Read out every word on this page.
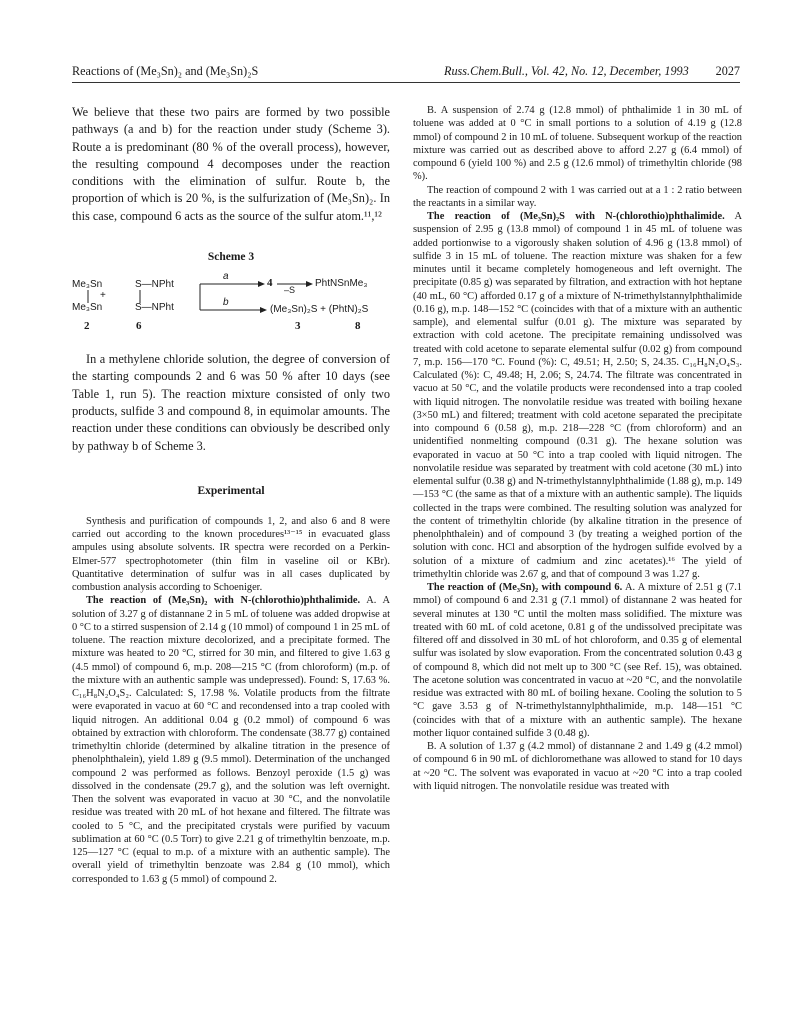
Reactions of (Me₃Sn)₂ and (Me₃Sn)₂S	Russ.Chem.Bull., Vol. 42, No. 12, December, 1993 2027

We believe that these two pairs are formed by two possible pathways (a and b) for the reaction under study (Scheme 3). Route a is predominant (80 % of the overall process), however, the resulting compound 4 decomposes under the reaction conditions with the elimination of sulfur. Route b, the proportion of which is 20 %, is the sulfurization of (Me₃Sn)₂. In this case, compound 6 acts as the source of the sulfur atom.¹¹,¹²

Scheme 3
Me₃Sn
Me₃Sn
S—NPht
S—NPht
+
a
b
4
–S
PhtNSnMe₃
(Me₃Sn)₂S + (PhtN)₂S
2	6	3	8

In a methylene chloride solution, the degree of conversion of the starting compounds 2 and 6 was 50 % after 10 days (see Table 1, run 5). The reaction mixture consisted of only two products, sulfide 3 and compound 8, in equimolar amounts. The reaction under these conditions can obviously be described only by pathway b of Scheme 3.

Experimental

Synthesis and purification of compounds 1, 2, and also 6 and 8 were carried out according to the known procedures¹³⁻¹⁵ in evacuated glass ampules using absolute solvents. IR spectra were recorded on a Perkin-Elmer-577 spectrophotometer (thin film in vaseline oil or KBr). Quantitative determination of sulfur was in all cases duplicated by combustion analysis according to Schoeniger.

The reaction of (Me₃Sn)₂ with N-(chlorothio)phthalimide. A. A solution of 3.27 g of distannane 2 in 5 mL of toluene was added dropwise at 0 °C to a stirred suspension of 2.14 g (10 mmol) of compound 1 in 25 mL of toluene. The reaction mixture decolorized, and a precipitate formed. The mixture was heated to 20 °C, stirred for 30 min, and filtered to give 1.63 g (4.5 mmol) of compound 6, m.p. 208—215 °C (from chloroform) (m.p. of the mixture with an authentic sample was undepressed). Found: S, 17.63 %. C₁₆H₈N₂O₄S₂. Calculated: S, 17.98 %. Volatile products from the filtrate were evaporated in vacuo at 60 °C and recondensed into a trap cooled with liquid nitrogen. An additional 0.04 g (0.2 mmol) of compound 6 was obtained by extraction with chloroform. The condensate (38.77 g) contained trimethyltin chloride (determined by alkaline titration in the presence of phenolphthalein), yield 1.89 g (9.5 mmol). Determination of the unchanged compound 2 was performed as follows. Benzoyl peroxide (1.5 g) was dissolved in the condensate (29.7 g), and the solution was left overnight. Then the solvent was evaporated in vacuo at 30 °C, and the nonvolatile residue was treated with 20 mL of hot hexane and filtered. The filtrate was cooled to 5 °C, and the precipitated crystals were purified by vacuum sublimation at 60 °C (0.5 Torr) to give 2.21 g of trimethyltin benzoate, m.p. 125—127 °C (equal to m.p. of a mixture with an authentic sample). The overall yield of trimethyltin benzoate was 2.84 g (10 mmol), which corresponded to 1.63 g (5 mmol) of compound 2.

B. A suspension of 2.74 g (12.8 mmol) of phthalimide 1 in 30 mL of toluene was added at 0 °C in small portions to a solution of 4.19 g (12.8 mmol) of compound 2 in 10 mL of toluene. Subsequent workup of the reaction mixture was carried out as described above to afford 2.27 g (6.4 mmol) of compound 6 (yield 100 %) and 2.5 g (12.6 mmol) of trimethyltin chloride (98 %).

The reaction of compound 2 with 1 was carried out at a 1 : 2 ratio between the reactants in a similar way.

The reaction of (Me₃Sn)₂S with N-(chlorothio)phthalimide. A suspension of 2.95 g (13.8 mmol) of compound 1 in 45 mL of toluene was added portionwise to a vigorously shaken solution of 4.96 g (13.8 mmol) of sulfide 3 in 15 mL of toluene. The reaction mixture was shaken for a few minutes until it became completely homogeneous and left overnight. The precipitate (0.85 g) was separated by filtration, and extraction with hot heptane (40 mL, 60 °C) afforded 0.17 g of a mixture of N-trimethylstannylphthalimide (0.16 g), m.p. 148—152 °C (coincides with that of a mixture with an authentic sample), and elemental sulfur (0.01 g). The mixture was separated by extraction with cold acetone. The precipitate remaining undissolved was treated with cold acetone to separate elemental sulfur (0.02 g) from compound 7, m.p. 156—170 °C. Found (%): C, 49.51; H, 2.50; S, 24.35. C₁₆H₈N₂O₄S₃. Calculated (%): C, 49.48; H, 2.06; S, 24.74. The filtrate was concentrated in vacuo at 50 °C, and the volatile products were recondensed into a trap cooled with liquid nitrogen. The nonvolatile residue was treated with boiling hexane (3×50 mL) and filtered; treatment with cold acetone separated the precipitate into compound 6 (0.58 g), m.p. 218—228 °C (from chloroform) and an unidentified nonmelting compound (0.31 g). The hexane solution was evaporated in vacuo at 50 °C into a trap cooled with liquid nitrogen. The nonvolatile residue was separated by treatment with cold acetone (30 mL) into elemental sulfur (0.38 g) and N-trimethylstannylphthalimide (1.88 g), m.p. 149—153 °C (the same as that of a mixture with an authentic sample). The liquids collected in the traps were combined. The resulting solution was analyzed for the content of trimethyltin chloride (by alkaline titration in the presence of phenolphthalein) and of compound 3 (by treating a weighed portion of the solution with conc. HCl and absorption of the hydrogen sulfide evolved by a solution of a mixture of cadmium and zinc acetates).¹⁶ The yield of trimethyltin chloride was 2.67 g, and that of compound 3 was 1.27 g.

The reaction of (Me₃Sn)₂ with compound 6. A. A mixture of 2.51 g (7.1 mmol) of compound 6 and 2.31 g (7.1 mmol) of distannane 2 was heated for several minutes at 130 °C until the molten mass solidified. The mixture was treated with 60 mL of cold acetone, 0.81 g of the undissolved precipitate was filtered off and dissolved in 30 mL of hot chloroform, and 0.35 g of elemental sulfur was isolated by slow evaporation. From the concentrated solution 0.43 g of compound 8, which did not melt up to 300 °C (see Ref. 15), was obtained. The acetone solution was concentrated in vacuo at ~20 °C, and the nonvolatile residue was extracted with 80 mL of boiling hexane. Cooling the solution to 5 °C gave 3.53 g of N-trimethylstannylphthalimide, m.p. 148—151 °C (coincides with that of a mixture with an authentic sample). The hexane mother liquor contained sulfide 3 (0.48 g).

B. A solution of 1.37 g (4.2 mmol) of distannane 2 and 1.49 g (4.2 mmol) of compound 6 in 90 mL of dichloromethane was allowed to stand for 10 days at ~20 °C. The solvent was evaporated in vacuo at ~20 °C into a trap cooled with liquid nitrogen. The nonvolatile residue was treated with
